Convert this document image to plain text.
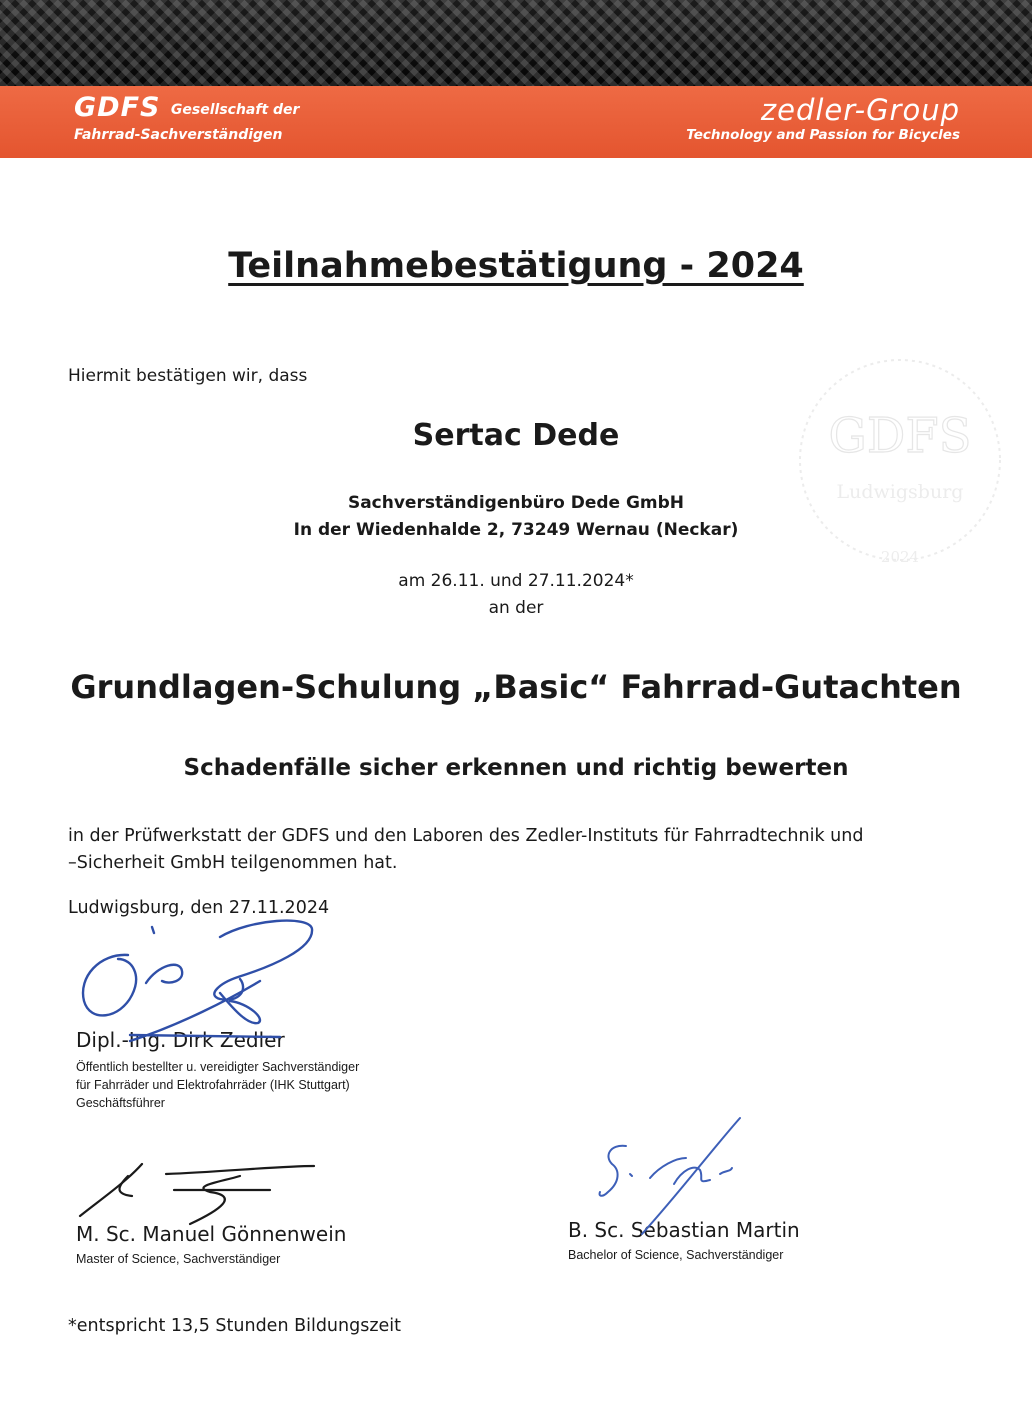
GDFS Gesellschaft der
Fahrrad-Sachverständigen
zedler-Group
Technology and Passion for Bicycles
GDFS
Ludwigsburg
2024
Teilnahmebestätigung - 2024
Hiermit bestätigen wir, dass
Sertac Dede
Sachverständigenbüro Dede GmbH
In der Wiedenhalde 2, 73249 Wernau (Neckar)
am 26.11. und 27.11.2024*
an der
Grundlagen-Schulung „Basic“ Fahrrad-Gutachten
Schadenfälle sicher erkennen und richtig bewerten
in der Prüfwerkstatt der GDFS und den Laboren des Zedler-Instituts für Fahrradtechnik und
–Sicherheit GmbH teilgenommen hat.
Ludwigsburg, den 27.11.2024
Dipl.-Ing. Dirk Zedler
Öffentlich bestellter u. vereidigter Sachverständiger
für Fahrräder und Elektrofahrräder (IHK Stuttgart)
Geschäftsführer
M. Sc. Manuel Gönnenwein
Master of Science, Sachverständiger
B. Sc. Sebastian Martin
Bachelor of Science, Sachverständiger
*entspricht 13,5 Stunden Bildungszeit
